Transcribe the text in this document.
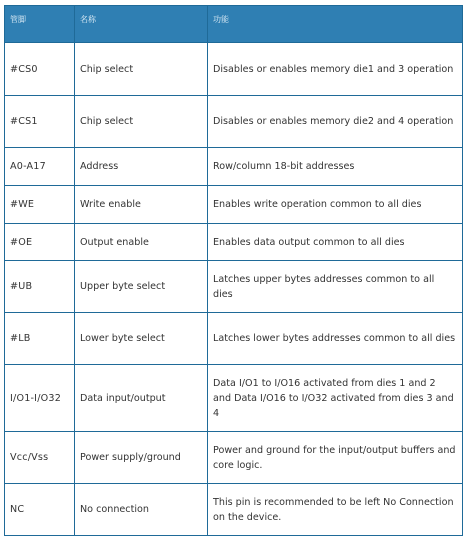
管脚	名称	功能
#CS0	Chip select	Disables or enables memory die1 and 3 operation
#CS1	Chip select	Disables or enables memory die2 and 4 operation
A0-A17	Address	Row/column 18-bit addresses
#WE	Write enable	Enables write operation common to all dies
#OE	Output enable	Enables data output common to all dies
#UB	Upper byte select	Latches upper bytes addresses common to all dies
#LB	Lower byte select	Latches lower bytes addresses common to all dies
I/O1-I/O32	Data input/output	Data I/O1 to I/O16 activated from dies 1 and 2 and Data I/O16 to I/O32 activated from dies 3 and 4
Vcc/Vss	Power supply/ground	Power and ground for the input/output buffers and core logic.
NC	No connection	This pin is recommended to be left No Connection on the device.
